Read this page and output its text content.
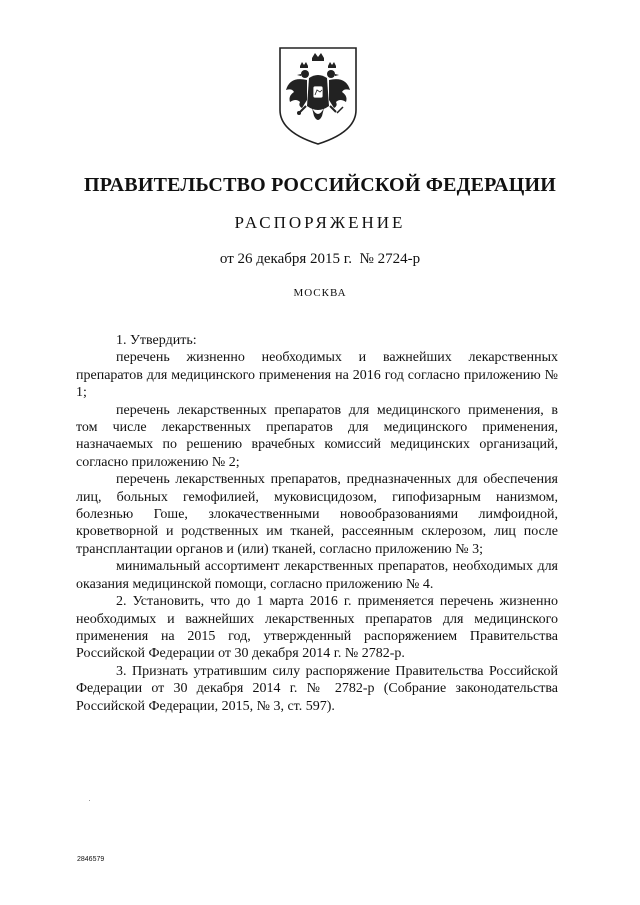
ПРАВИТЕЛЬСТВО РОССИЙСКОЙ ФЕДЕРАЦИИ
РАСПОРЯЖЕНИЕ
от 26 декабря 2015 г. № 2724-р
МОСКВА

1. Утвердить:

перечень жизненно необходимых и важнейших лекарственных препаратов для медицинского применения на 2016 год согласно приложению № 1;

перечень лекарственных препаратов для медицинского применения, в том числе лекарственных препаратов для медицинского применения, назначаемых по решению врачебных комиссий медицинских организаций, согласно приложению № 2;

перечень лекарственных препаратов, предназначенных для обеспечения лиц, больных гемофилией, муковисцидозом, гипофизарным нанизмом, болезнью Гоше, злокачественными новообразованиями лимфоидной, кроветворной и родственных им тканей, рассеянным склерозом, лиц после трансплантации органов и (или) тканей, согласно приложению № 3;

минимальный ассортимент лекарственных препаратов, необходимых для оказания медицинской помощи, согласно приложению № 4.

2. Установить, что до 1 марта 2016 г. применяется перечень жизненно необходимых и важнейших лекарственных препаратов для медицинского применения на 2015 год, утвержденный распоряжением Правительства Российской Федерации от 30 декабря 2014 г. № 2782-р.

3. Признать утратившим силу распоряжение Правительства Российской Федерации от 30 декабря 2014 г. № 2782-р (Собрание законодательства Российской Федерации, 2015, № 3, ст. 597).

2846579
